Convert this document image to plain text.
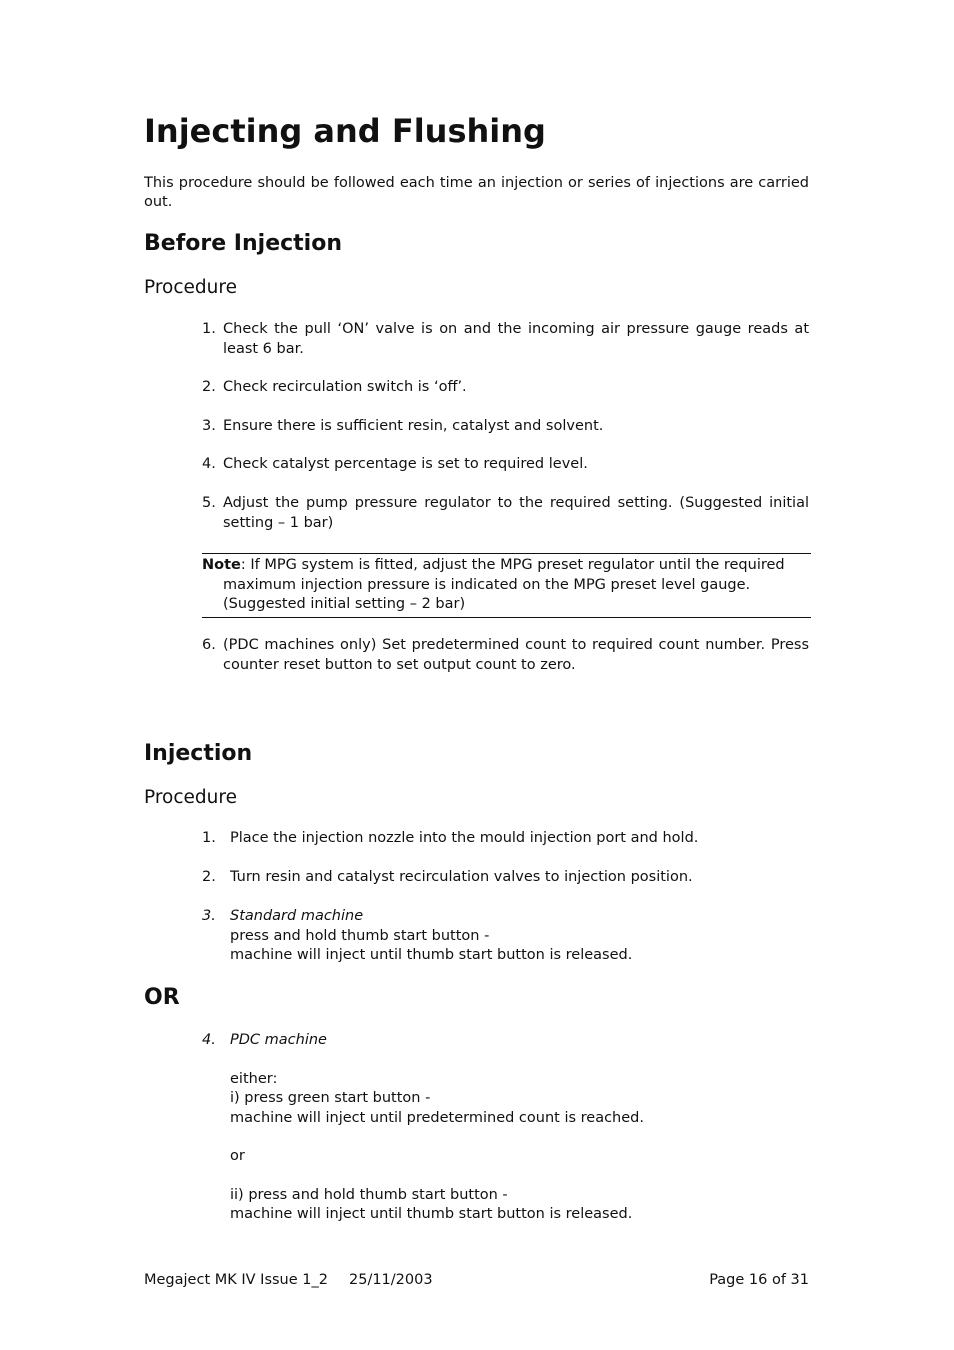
Injecting and Flushing
This procedure should be followed each time an injection or series of injections are carried out.
Before Injection
Procedure
1. Check the pull ‘ON’ valve is on and the incoming air pressure gauge reads at least 6 bar.
2. Check recirculation switch is ‘off’.
3. Ensure there is sufficient resin, catalyst and solvent.
4. Check catalyst percentage is set to required level.
5. Adjust the pump pressure regulator to the required setting. (Suggested initial setting – 1 bar)
Note: If MPG system is fitted, adjust the MPG preset regulator until the required
maximum injection pressure is indicated on the MPG preset level gauge.
(Suggested initial setting – 2 bar)
6. (PDC machines only) Set predetermined count to required count number. Press counter reset button to set output count to zero.
Injection
Procedure
1. Place the injection nozzle into the mould injection port and hold.
2. Turn resin and catalyst recirculation valves to injection position.
3. Standard machine
press and hold thumb start button -
machine will inject until thumb start button is released.
OR
4. PDC machine
either:
i) press green start button -
machine will inject until predetermined count is reached.
or
ii) press and hold thumb start button -
machine will inject until thumb start button is released.
Megaject MK IV Issue 1_2 25/11/2003	Page 16 of 31
